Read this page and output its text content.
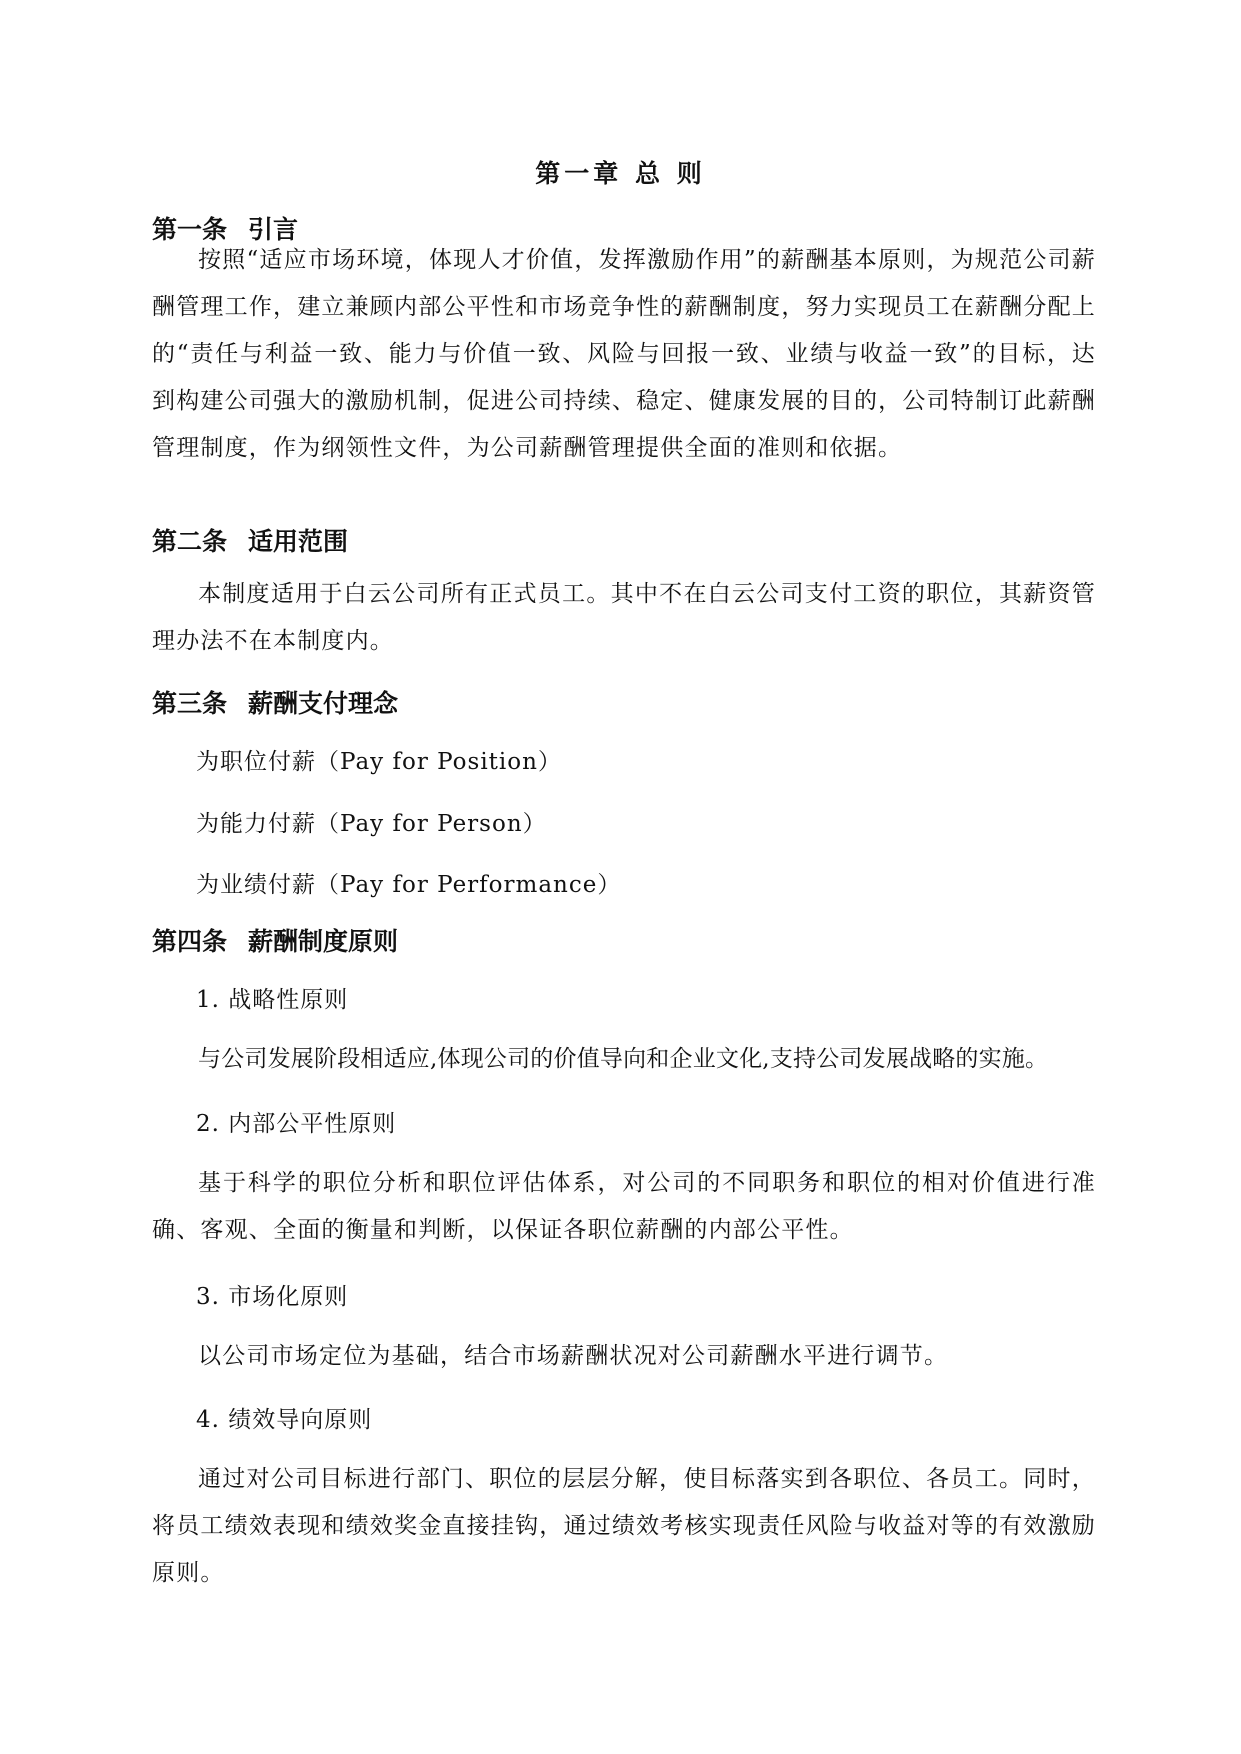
第一章 总 则
第一条 引言

按照“适应市场环境，体现人才价值，发挥激励作用”的薪酬基本原则，为规范公司薪酬管理工作，建立兼顾内部公平性和市场竞争性的薪酬制度，努力实现员工在薪酬分配上的“责任与利益一致、能力与价值一致、风险与回报一致、业绩与收益一致”的目标，达到构建公司强大的激励机制，促进公司持续、稳定、健康发展的目的，公司特制订此薪酬管理制度，作为纲领性文件，为公司薪酬管理提供全面的准则和依据。

第二条 适用范围

本制度适用于白云公司所有正式员工。其中不在白云公司支付工资的职位，其薪资管理办法不在本制度内。

第三条 薪酬支付理念

为职位付薪（Pay for Position）

为能力付薪（Pay for Person）

为业绩付薪（Pay for Performance）

第四条 薪酬制度原则

1. 战略性原则

与公司发展阶段相适应,体现公司的价值导向和企业文化,支持公司发展战略的实施。

2. 内部公平性原则

基于科学的职位分析和职位评估体系，对公司的不同职务和职位的相对价值进行准确、客观、全面的衡量和判断，以保证各职位薪酬的内部公平性。

3. 市场化原则

以公司市场定位为基础，结合市场薪酬状况对公司薪酬水平进行调节。

4. 绩效导向原则

通过对公司目标进行部门、职位的层层分解，使目标落实到各职位、各员工。同时，将员工绩效表现和绩效奖金直接挂钩，通过绩效考核实现责任风险与收益对等的有效激励原则。
